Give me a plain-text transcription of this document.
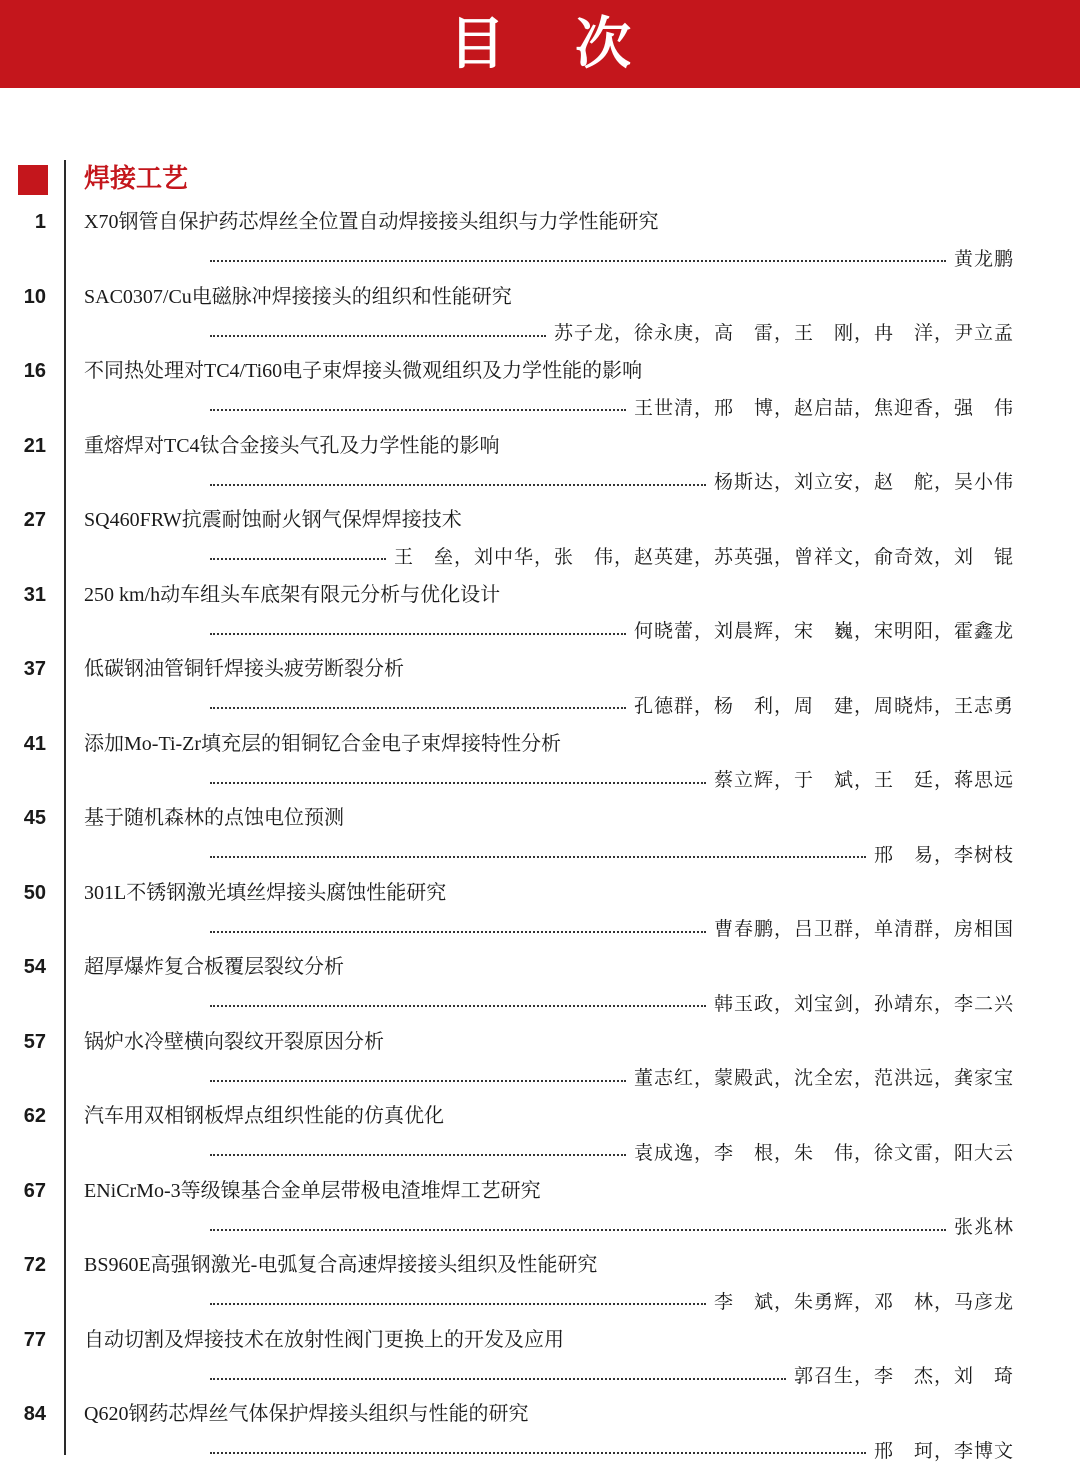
目 次
焊接工艺
1 X70钢管自保护药芯焊丝全位置自动焊接接头组织与力学性能研究
黄龙鹏
10 SAC0307/Cu电磁脉冲焊接接头的组织和性能研究
苏子龙，徐永庚，高　雷，王　刚，冉　洋，尹立孟
16 不同热处理对TC4/Ti60电子束焊接头微观组织及力学性能的影响
王世清，邢　博，赵启喆，焦迎香，强　伟
21 重熔焊对TC4钛合金接头气孔及力学性能的影响
杨斯达，刘立安，赵　舵，吴小伟
27 SQ460FRW抗震耐蚀耐火钢气保焊焊接技术
王　垒，刘中华，张　伟，赵英建，苏英强，曾祥文，俞奇效，刘　锟
31 250 km/h动车组头车底架有限元分析与优化设计
何晓蕾，刘晨辉，宋　巍，宋明阳，霍鑫龙
37 低碳钢油管铜钎焊接头疲劳断裂分析
孔德群，杨　利，周　建，周晓炜，王志勇
41 添加Mo-Ti-Zr填充层的钼铜钇合金电子束焊接特性分析
蔡立辉，于　斌，王　廷，蒋思远
45 基于随机森林的点蚀电位预测
邢　易，李树枝
50 301L不锈钢激光填丝焊接头腐蚀性能研究
曹春鹏，吕卫群，单清群，房相国
54 超厚爆炸复合板覆层裂纹分析
韩玉政，刘宝剑，孙靖东，李二兴
57 锅炉水冷壁横向裂纹开裂原因分析
董志红，蒙殿武，沈全宏，范洪远，龚家宝
62 汽车用双相钢板焊点组织性能的仿真优化
袁成逸，李　根，朱　伟，徐文雷，阳大云
67 ENiCrMo-3等级镍基合金单层带极电渣堆焊工艺研究
张兆林
72 BS960E高强钢激光-电弧复合高速焊接接头组织及性能研究
李　斌，朱勇辉，邓　林，马彦龙
77 自动切割及焊接技术在放射性阀门更换上的开发及应用
郭召生，李　杰，刘　琦
84 Q620钢药芯焊丝气体保护焊接头组织与性能的研究
邢　珂，李博文
